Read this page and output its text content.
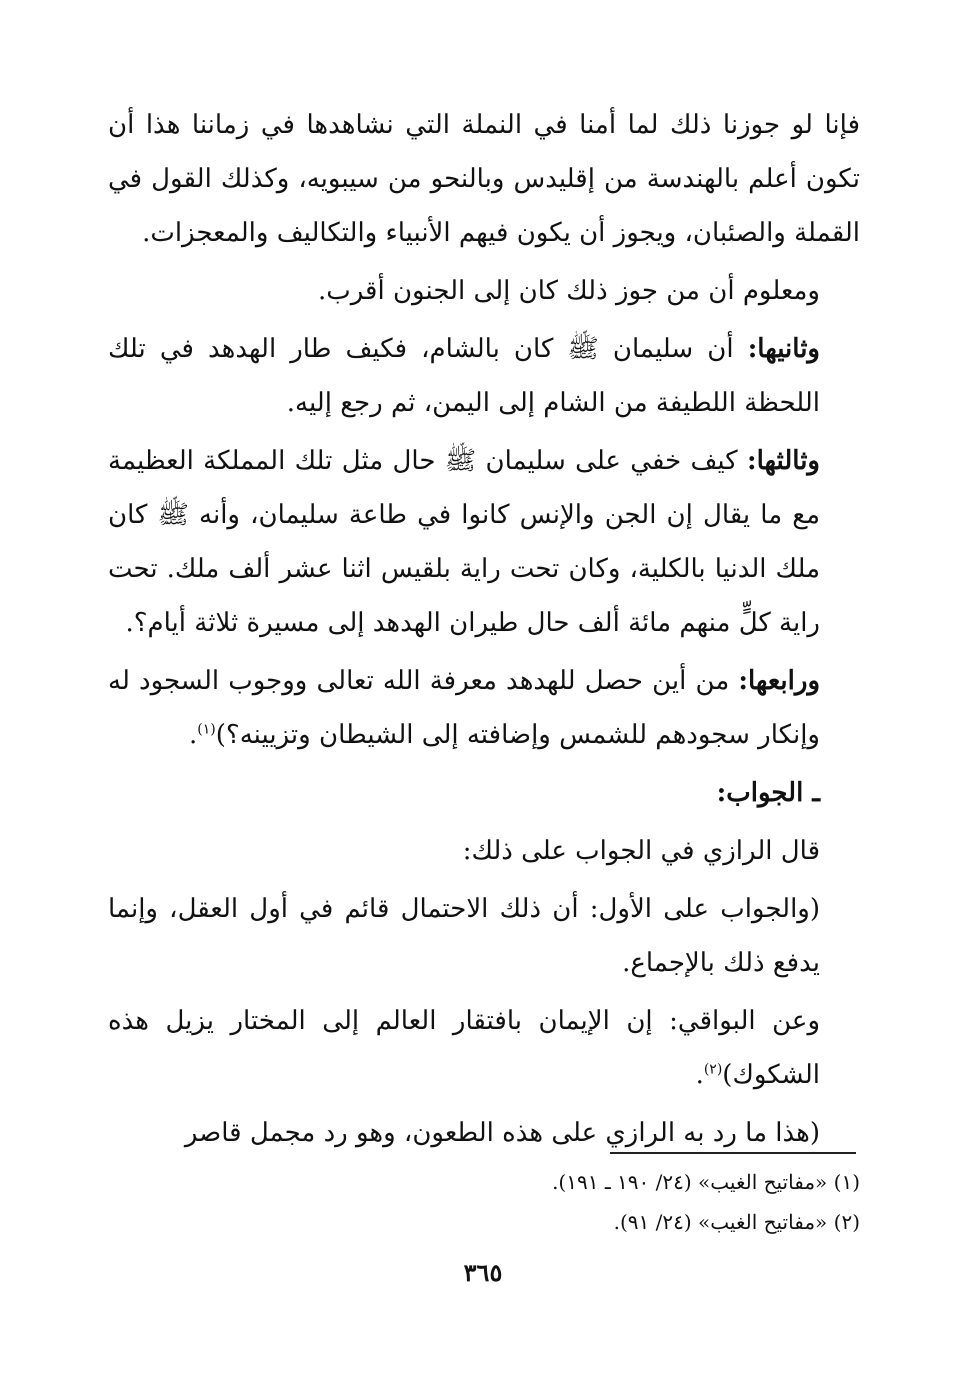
فإنا لو جوزنا ذلك لما أمنا في النملة التي نشاهدها في زماننا هذا أن تكون أعلم بالهندسة من إقليدس وبالنحو من سيبويه، وكذلك القول في القملة والصئبان، ويجوز أن يكون فيهم الأنبياء والتكاليف والمعجزات.

ومعلوم أن من جوز ذلك كان إلى الجنون أقرب.

وثانيها: أن سليمان ﷺ كان بالشام، فكيف طار الهدهد في تلك اللحظة اللطيفة من الشام إلى اليمن، ثم رجع إليه.

وثالثها: كيف خفي على سليمان ﷺ حال مثل تلك المملكة العظيمة مع ما يقال إن الجن والإنس كانوا في طاعة سليمان، وأنه ﷺ كان ملك الدنيا بالكلية، وكان تحت راية بلقيس اثنا عشر ألف ملك. تحت راية كلٍّ منهم مائة ألف حال طيران الهدهد إلى مسيرة ثلاثة أيام؟.

ورابعها: من أين حصل للهدهد معرفة الله تعالى ووجوب السجود له وإنكار سجودهم للشمس وإضافته إلى الشيطان وتزيينه؟)$^{(١)}$.

ـ الجواب:

قال الرازي في الجواب على ذلك:

(والجواب على الأول: أن ذلك الاحتمال قائم في أول العقل، وإنما يدفع ذلك بالإجماع.

وعن البواقي: إن الإيمان بافتقار العالم إلى المختار يزيل هذه الشكوك)$^{(٢)}$.

(هذا ما رد به الرازي على هذه الطعون، وهو رد مجمل قاصر

(١) «مفاتيح الغيب» (٢٤/ ١٩٠ ـ ١٩١).

(٢) «مفاتيح الغيب» (٢٤/ ٩١).

٣٦٥
